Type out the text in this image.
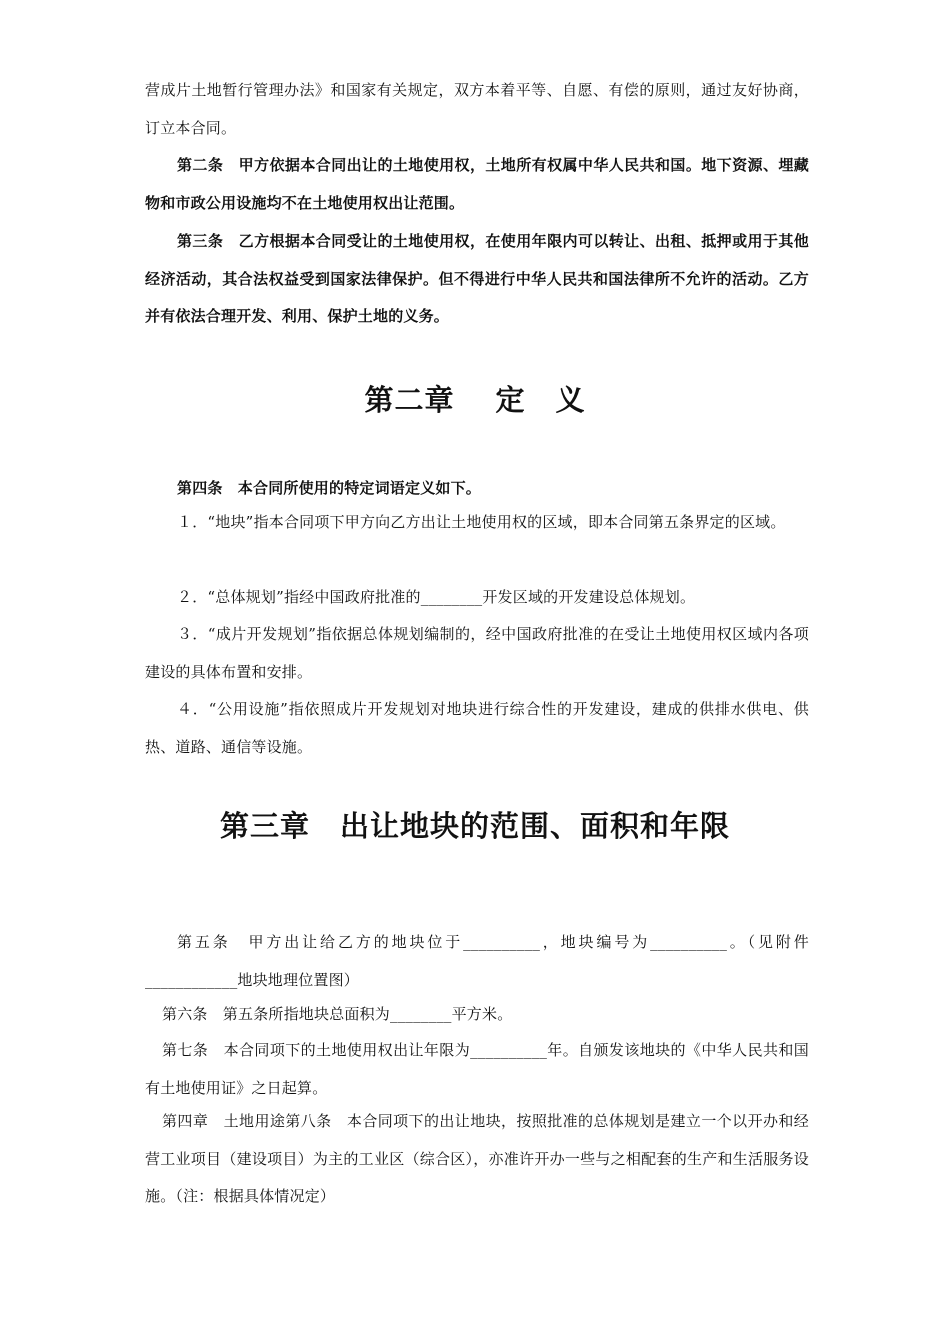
营成片土地暂行管理办法》和国家有关规定，双方本着平等、自愿、有偿的原则，通过友好协商，订立本合同。

第二条　甲方依据本合同出让的土地使用权，土地所有权属中华人民共和国。地下资源、埋藏物和市政公用设施均不在土地使用权出让范围。

第三条　乙方根据本合同受让的土地使用权，在使用年限内可以转让、出租、抵押或用于其他经济活动，其合法权益受到国家法律保护。但不得进行中华人民共和国法律所不允许的活动。乙方并有依法合理开发、利用、保护土地的义务。

第二章　 定　义

第四条　本合同所使用的特定词语定义如下。

１．“地块”指本合同项下甲方向乙方出让土地使用权的区域，即本合同第五条界定的区域。

２．“总体规划”指经中国政府批准的________开发区域的开发建设总体规划。

３．“成片开发规划”指依据总体规划编制的，经中国政府批准的在受让土地使用权区域内各项建设的具体布置和安排。

４．“公用设施”指依照成片开发规划对地块进行综合性的开发建设，建成的供排水供电、供热、道路、通信等设施。

第三章　出让地块的范围、面积和年限

第五条　甲方出让给乙方的地块位于__________，地块编号为__________。（见附件____________地块地理位置图）

第六条　第五条所指地块总面积为________平方米。

第七条　本合同项下的土地使用权出让年限为__________年。自颁发该地块的《中华人民共和国有土地使用证》之日起算。

第四章　土地用途第八条　本合同项下的出让地块，按照批准的总体规划是建立一个以开办和经营工业项目（建设项目）为主的工业区（综合区），亦准许开办一些与之相配套的生产和生活服务设施。（注：根据具体情况定）
